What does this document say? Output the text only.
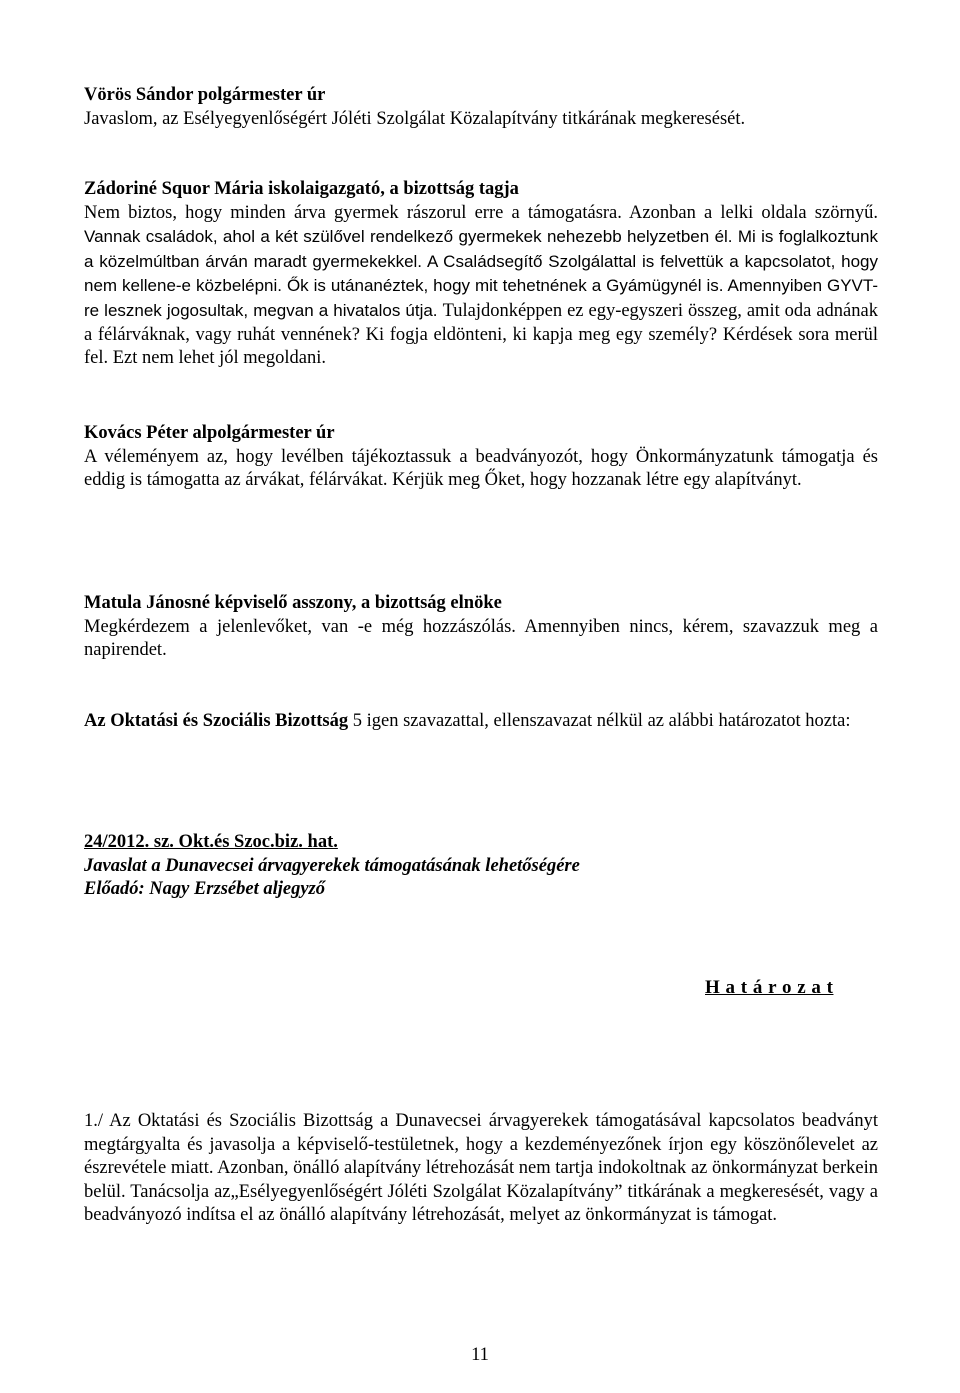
Vörös Sándor polgármester úr
Javaslom, az Esélyegyenlőségért Jóléti Szolgálat Közalapítvány titkárának megkeresését.
Zádoriné Squor Mária iskolaigazgató, a bizottság tagja
Nem biztos, hogy minden árva gyermek rászorul erre a támogatásra. Azonban a lelki oldala szörnyű. Vannak családok, ahol a két szülővel rendelkező gyermekek nehezebb helyzetben él. Mi is foglalkoztunk a közelmúltban árván maradt gyermekekkel. A Családsegítő Szolgálattal is felvettük a kapcsolatot, hogy nem kellene-e közbelépni. Ők is utánanéztek, hogy mit tehetnének a Gyámügynél is. Amennyiben GYVT-re lesznek jogosultak, megvan a hivatalos útja. Tulajdonképpen ez egy-egyszeri összeg, amit oda adnának a félárváknak, vagy ruhát vennének? Ki fogja eldönteni, ki kapja meg egy személy? Kérdések sora merül fel. Ezt nem lehet jól megoldani.
Kovács Péter alpolgármester úr
A véleményem az, hogy levélben tájékoztassuk a beadványozót, hogy Önkormányzatunk támogatja és eddig is támogatta az árvákat, félárvákat. Kérjük meg Őket, hogy hozzanak létre egy alapítványt.
Matula Jánosné képviselő asszony, a bizottság elnöke
Megkérdezem a jelenlevőket, van -e még hozzászólás. Amennyiben nincs, kérem, szavazzuk meg a napirendet.
Az Oktatási és Szociális Bizottság 5 igen szavazattal, ellenszavazat nélkül az alábbi határozatot hozta:
24/2012. sz. Okt.és Szoc.biz. hat.
Javaslat a Dunavecsei árvagyerekek támogatásának lehetőségére
Előadó: Nagy Erzsébet aljegyző
H a t á r o z a t
1./ Az Oktatási és Szociális Bizottság a Dunavecsei árvagyerekek támogatásával kapcsolatos beadványt megtárgyalta és javasolja a képviselő-testületnek, hogy a kezdeményezőnek írjon egy köszönőlevelet az észrevétele miatt. Azonban, önálló alapítvány létrehozását nem tartja indokoltnak az önkormányzat berkein belül. Tanácsolja az„Esélyegyenlőségért Jóléti Szolgálat Közalapítvány” titkárának a megkeresését, vagy a beadványozó indítsa el az önálló alapítvány létrehozását, melyet az önkormányzat is támogat.
11
